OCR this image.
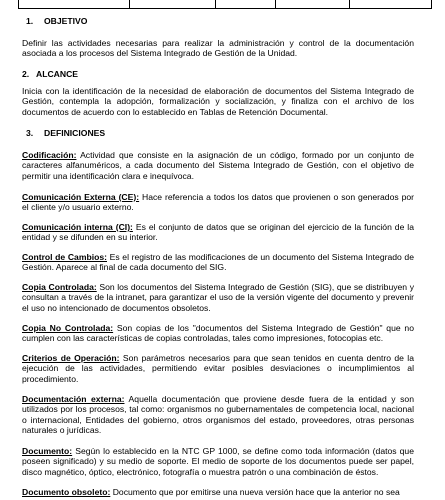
1. OBJETIVO
Definir las actividades necesarias para realizar la administración y control de la documentación asociada a los procesos del Sistema Integrado de Gestión de la Unidad.
2. ALCANCE
Inicia con la identificación de la necesidad de elaboración de documentos del Sistema Integrado de Gestión, contempla la adopción, formalización y socialización, y finaliza con el archivo de los documentos de acuerdo con lo establecido en Tablas de Retención Documental.
3. DEFINICIONES
Codificación: Actividad que consiste en la asignación de un código, formado por un conjunto de caracteres alfanuméricos, a cada documento del Sistema Integrado de Gestión, con el objetivo de permitir una identificación clara e inequívoca.
Comunicación Externa (CE): Hace referencia a todos los datos que provienen o son generados por el cliente y/o usuario externo.
Comunicación interna (CI): Es el conjunto de datos que se originan del ejercicio de la función de la entidad y se difunden en su interior.
Control de Cambios: Es el registro de las modificaciones de un documento del Sistema Integrado de Gestión. Aparece al final de cada documento del SIG.
Copia Controlada: Son los documentos del Sistema Integrado de Gestión (SIG), que se distribuyen y consultan a través de la intranet, para garantizar el uso de la versión vigente del documento y prevenir el uso no intencionado de documentos obsoletos.
Copia No Controlada: Son copias de los "documentos del Sistema Integrado de Gestión" que no cumplen con las características de copias controladas, tales como impresiones, fotocopias etc.
Criterios de Operación: Son parámetros necesarios para que sean tenidos en cuenta dentro de la ejecución de las actividades, permitiendo evitar posibles desviaciones o incumplimientos al procedimiento.
Documentación externa: Aquella documentación que proviene desde fuera de la entidad y son utilizados por los procesos, tal como: organismos no gubernamentales de competencia local, nacional o internacional, Entidades del gobierno, otros organismos del estado, proveedores, otras personas naturales o jurídicas.
Documento: Según lo establecido en la NTC GP 1000, se define como toda información (datos que poseen significado) y su medio de soporte. El medio de soporte de los documentos puede ser papel, disco magnético, óptico, electrónico, fotografía o muestra patrón o una combinación de éstos.
Documento obsoleto: Documento que por emitirse una nueva versión hace que la anterior no sea
